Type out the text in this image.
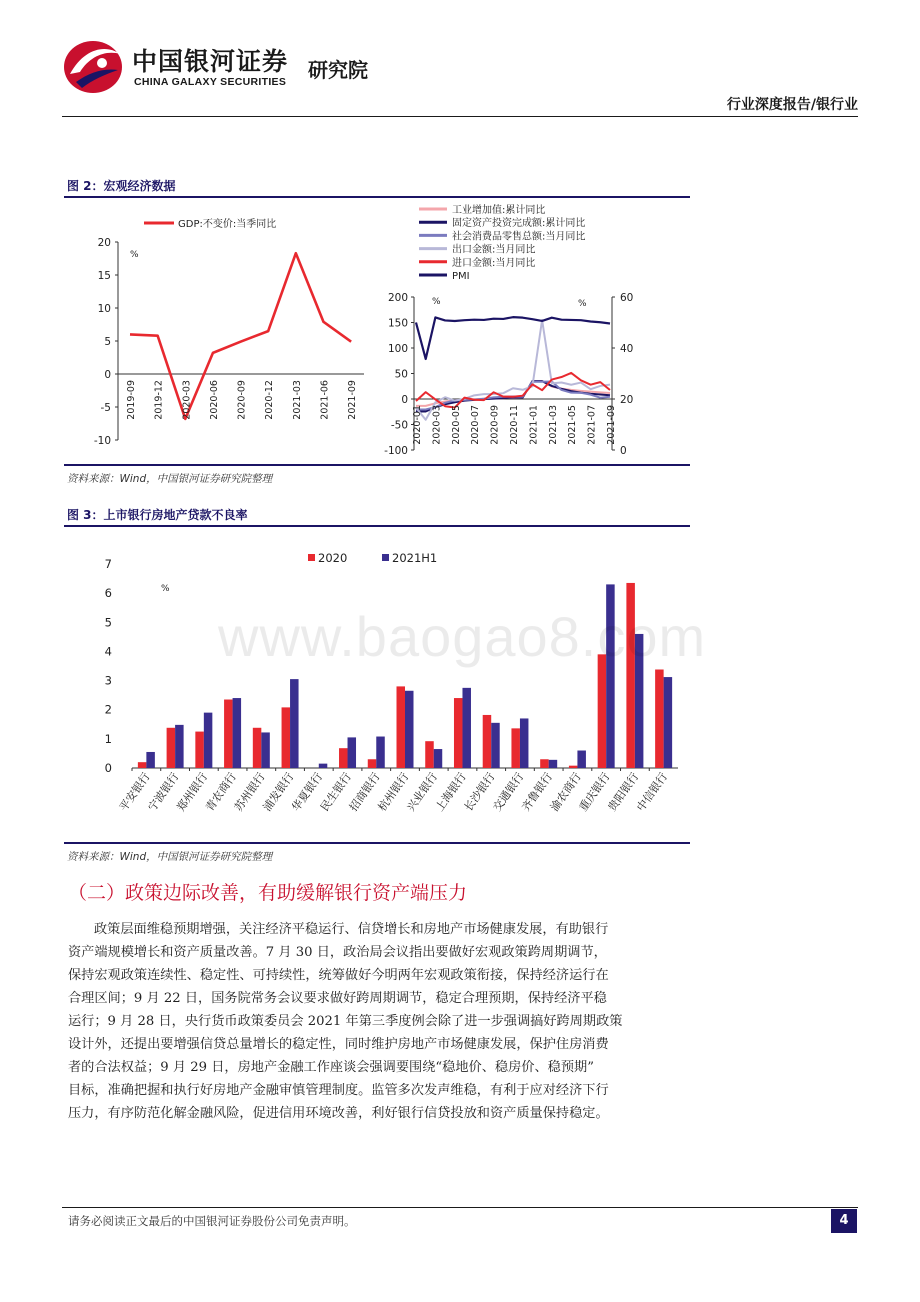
中国银河证券
CHINA GALAXY SECURITIES 研究院
行业深度报告/银行业
图 2：宏观经济数据
20
15
10
5
0
-5
-10
%
GDP:不变价:当季同比
2019-09 2019-12 2020-03 2020-06 2020-09 2020-12 2021-03 2021-06 2021-09
200
150
100
50
0
-50
-100
60
40
20
0
%	%
工业增加值:累计同比
固定资产投资完成额:累计同比
社会消费品零售总额:当月同比
出口金额:当月同比
进口金额:当月同比
PMI
2020-01 2020-03 2020-05 2020-07 2020-09 2020-11 2021-01 2021-03 2021-05 2021-07 2021-09
资料来源：Wind，中国银河证券研究院整理
图 3：上市银行房地产贷款不良率
7
6
5
4
3
2
1
0
%
2020	2021H1
平安银行
宁波银行
郑州银行
青农商行
苏州银行
浦发银行
华夏银行
民生银行
招商银行
杭州银行
兴业银行
上海银行
长沙银行
交通银行
齐鲁银行
渝农商行
重庆银行
贵阳银行
中信银行
www.baogao8.com
资料来源：Wind，中国银河证券研究院整理
（二）政策边际改善，有助缓解银行资产端压力
政策层面维稳预期增强，关注经济平稳运行、信贷增长和房地产市场健康发展，有助银行
资产端规模增长和资产质量改善。7 月 30 日，政治局会议指出要做好宏观政策跨周期调节，
保持宏观政策连续性、稳定性、可持续性，统筹做好今明两年宏观政策衔接，保持经济运行在
合理区间；9 月 22 日，国务院常务会议要求做好跨周期调节，稳定合理预期，保持经济平稳
运行；9 月 28 日，央行货币政策委员会 2021 年第三季度例会除了进一步强调搞好跨周期政策
设计外，还提出要增强信贷总量增长的稳定性，同时维护房地产市场健康发展，保护住房消费
者的合法权益；9 月 29 日，房地产金融工作座谈会强调要围绕“稳地价、稳房价、稳预期”
目标，准确把握和执行好房地产金融审慎管理制度。监管多次发声维稳，有利于应对经济下行
压力，有序防范化解金融风险，促进信用环境改善，利好银行信贷投放和资产质量保持稳定。
请务必阅读正文最后的中国银河证券股份公司免责声明。	4
